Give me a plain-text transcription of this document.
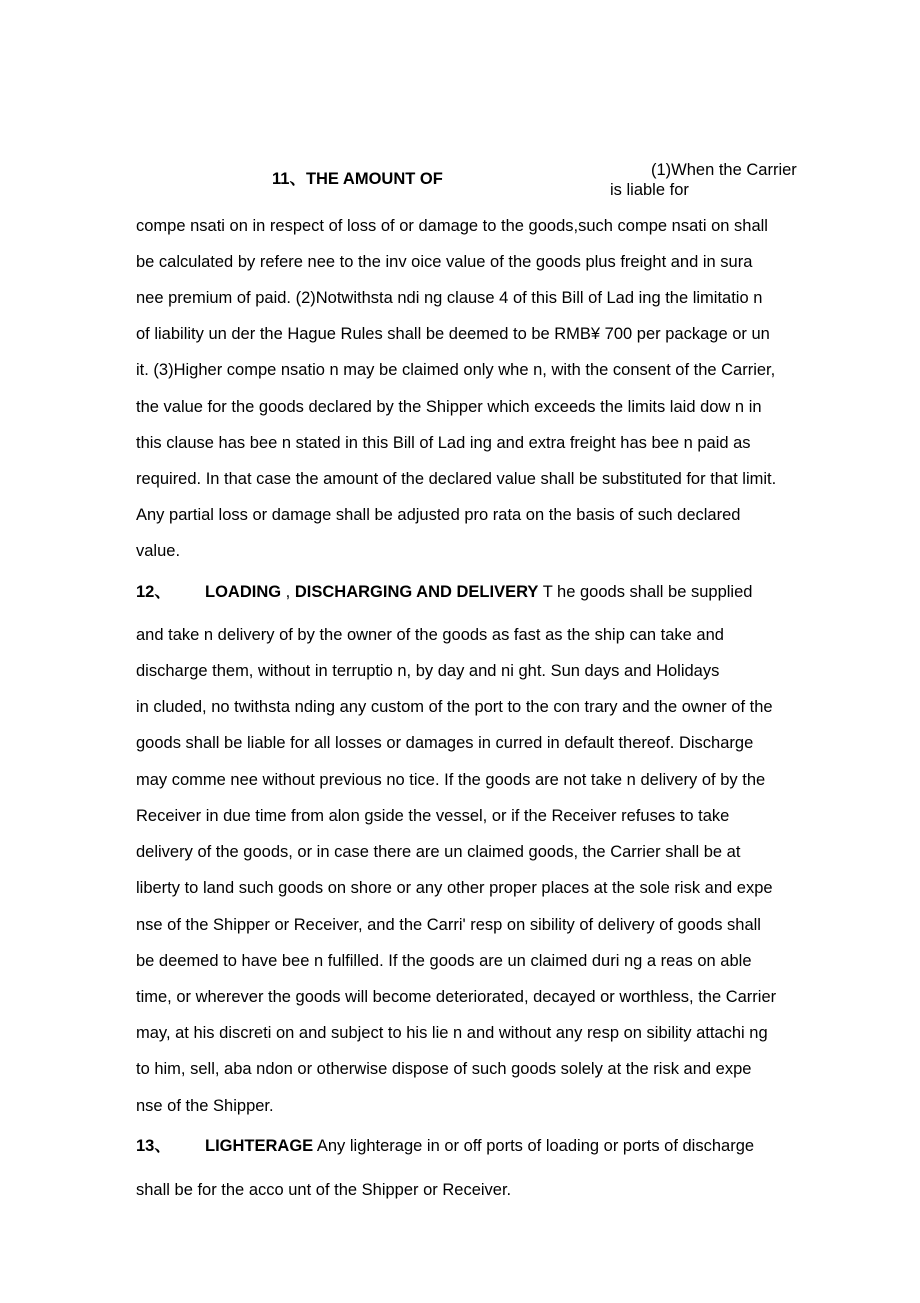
11、THE AMOUNT OF	(1)When the Carrier
is liable for
compe nsati on in respect of loss of or damage to the goods,such compe nsati on shall
be calculated by refere nee to the inv oice value of the goods plus freight and in sura
nee premium of paid. (2)Notwithsta ndi ng clause 4 of this Bill of Lad ing the limitatio n
of liability un der the Hague Rules shall be deemed to be RMB¥ 700 per package or un
it. (3)Higher compe nsatio n may be claimed only whe n, with the consent of the Carrier,
the value for the goods declared by the Shipper which exceeds the limits laid dow n in
this clause has bee n stated in this Bill of Lad ing and extra freight has bee n paid as
required. In that case the amount of the declared value shall be substituted for that limit.
Any partial loss or damage shall be adjusted pro rata on the basis of such declared
value.
12、 LOADING , DISCHARGING AND DELIVERY T he goods shall be supplied
and take n delivery of by the owner of the goods as fast as the ship can take and
discharge them, without in terruptio n, by day and ni ght. Sun days and Holidays
in cluded, no twithsta nding any custom of the port to the con trary and the owner of the
goods shall be liable for all losses or damages in curred in default thereof. Discharge
may comme nee without previous no tice. If the goods are not take n delivery of by the
Receiver in due time from alon gside the vessel, or if the Receiver refuses to take
delivery of the goods, or in case there are un claimed goods, the Carrier shall be at
liberty to land such goods on shore or any other proper places at the sole risk and expe
nse of the Shipper or Receiver, and the Carri' resp on sibility of delivery of goods shall
be deemed to have bee n fulfilled. If the goods are un claimed duri ng a reas on able
time, or wherever the goods will become deteriorated, decayed or worthless, the Carrier
may, at his discreti on and subject to his lie n and without any resp on sibility attachi ng
to him, sell, aba ndon or otherwise dispose of such goods solely at the risk and expe
nse of the Shipper.
13、 LIGHTERAGE Any lighterage in or off ports of loading or ports of discharge
shall be for the acco unt of the Shipper or Receiver.
